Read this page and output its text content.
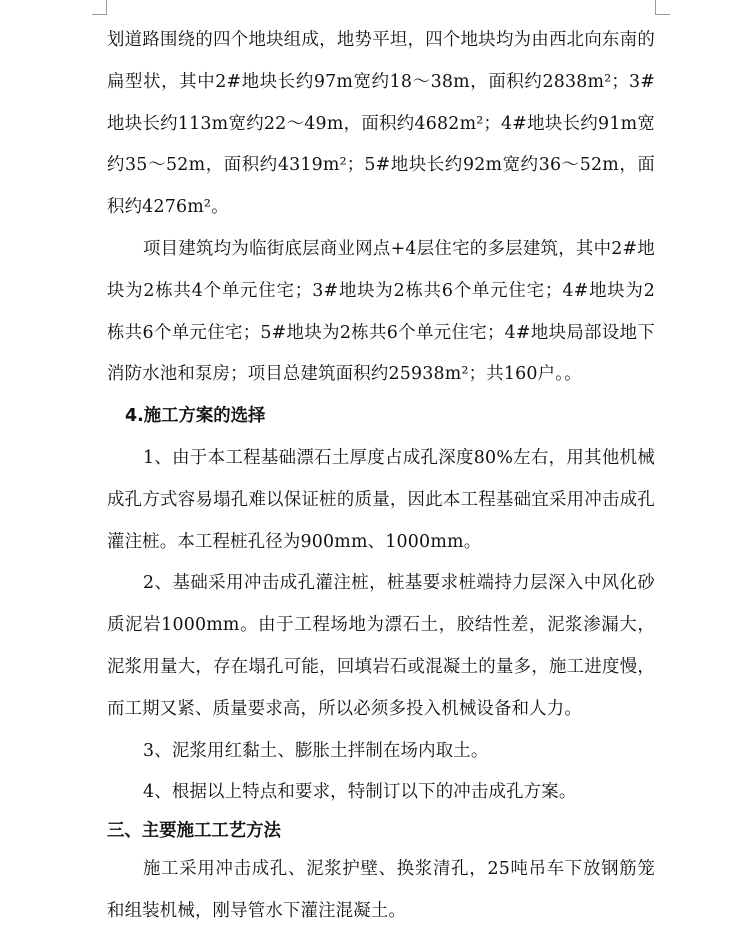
划道路围绕的四个地块组成，地势平坦，四个地块均为由西北向东南的扁型状，其中2#地块长约97m宽约18～38m，面积约2838m²；3#地块长约113m宽约22～49m，面积约4682m²；4#地块长约91m宽约35～52m，面积约4319m²；5#地块长约92m宽约36～52m，面积约4276m²。

项目建筑均为临街底层商业网点+4层住宅的多层建筑，其中2#地块为2栋共4个单元住宅；3#地块为2栋共6个单元住宅；4#地块为2栋共6个单元住宅；5#地块为2栋共6个单元住宅；4#地块局部设地下消防水池和泵房；项目总建筑面积约25938m²；共160户。。

4.施工方案的选择

1、由于本工程基础漂石土厚度占成孔深度80%左右，用其他机械成孔方式容易塌孔难以保证桩的质量，因此本工程基础宜采用冲击成孔灌注桩。本工程桩孔径为900mm、1000mm。

2、基础采用冲击成孔灌注桩，桩基要求桩端持力层深入中风化砂质泥岩1000mm。由于工程场地为漂石土，胶结性差，泥浆渗漏大，泥浆用量大，存在塌孔可能，回填岩石或混凝土的量多，施工进度慢，而工期又紧、质量要求高，所以必须多投入机械设备和人力。

3、泥浆用红黏土、膨胀土拌制在场内取土。

4、根据以上特点和要求，特制订以下的冲击成孔方案。

三、主要施工工艺方法

施工采用冲击成孔、泥浆护壁、换浆清孔，25吨吊车下放钢筋笼和组装机械，刚导管水下灌注混凝土。
